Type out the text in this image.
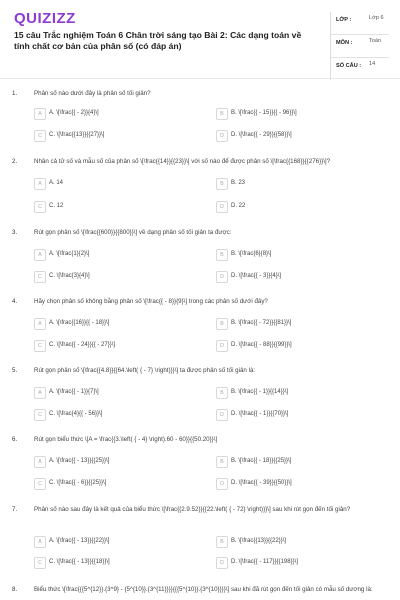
QUIZIZZ
15 câu Trắc nghiệm Toán 6 Chân trời sáng tạo Bài 2: Các dạng toán về tính chất cơ bản của phân số (có đáp án)
LỚP :	Lớp 6
MÔN :	Toán
SỐ CÂU : 14
1.	Phân số nào dưới đây là phân số tối giản?
A	A. \[\frac{{ - 2}}{4}\]	B	B. \[\frac{{ - 15}}{{ - 96}}\]
C	C. \[\frac{{13}}{{27}}\]	D	D. \[\frac{{ - 29}}{{58}}\]
2.	Nhân cả tử số và mẫu số của phân số \[\frac{{14}}{{23}}\] với số nào để được phân số \[\frac{{168}}{{276}}\]?
A	A. 14	B	B. 23
C	C. 12	D	D. 22
3.	Rút gọn phân số \[\frac{{600}}{{800}}\] về dạng phân số tối giản ta được:
A	A. \[\frac{1}{2}\]	B	B. \[\frac{6}{8}\]
C	C. \[\frac{3}{4}\]	D	D. \[\frac{{ - 3}}{4}\]
4.	Hãy chọn phân số không bằng phân số \[\frac{{ - 8}}{9}\] trong các phân số dưới đây?
A	A. \[\frac{{16}}{{ - 18}}\]	B	B. \[\frac{{ - 72}}{{81}}\]
C	C. \[\frac{{ - 24}}{{ - 27}}\]	D	D. \[\frac{{ - 88}}{{99}}\]
5.	Rút gọn phân số \[\frac{{4.8}}{{64.\left( { - 7} \right)}}\] ta được phân số tối giản là:
A	A. \[\frac{{ - 1}}{7}\]	B	B. \[\frac{{ - 1}}{{14}}\]
C	C. \[\frac{4}{{ - 56}}\]	D	D. \[\frac{{ - 1}}{{70}}\]
6.	Rút gọn biểu thức \[A = \frac{{3.\left( { - 4} \right).60 - 60}}{{50.20}}\]
A	A. \[\frac{{ - 13}}{{25}}\]	B	B. \[\frac{{ - 18}}{{25}}\]
C	C. \[\frac{{ - 6}}{{25}}\]	D	D. \[\frac{{ - 39}}{{50}}\]
7.	Phân số nào sau đây là kết quả của biểu thức \[\frac{{2.9.52}}{{22.\left( { - 72} \right)}}\] sau khi rút gọn đến tối giản?
A	A. \[\frac{{ - 13}}{{22}}\]	B	B. \[\frac{{13}}{{22}}\]
C	C. \[\frac{{ - 13}}{{18}}\]	D	D. \[\frac{{ - 117}}{{198}}\]
8.	Biểu thức \[\frac{{{5^{12}}.{3^9} - {5^{10}}.{3^{11}}}}{{{5^{10}}.{3^{10}}}}\] sau khi đã rút gọn đến tối giản có mẫu số dương là:
